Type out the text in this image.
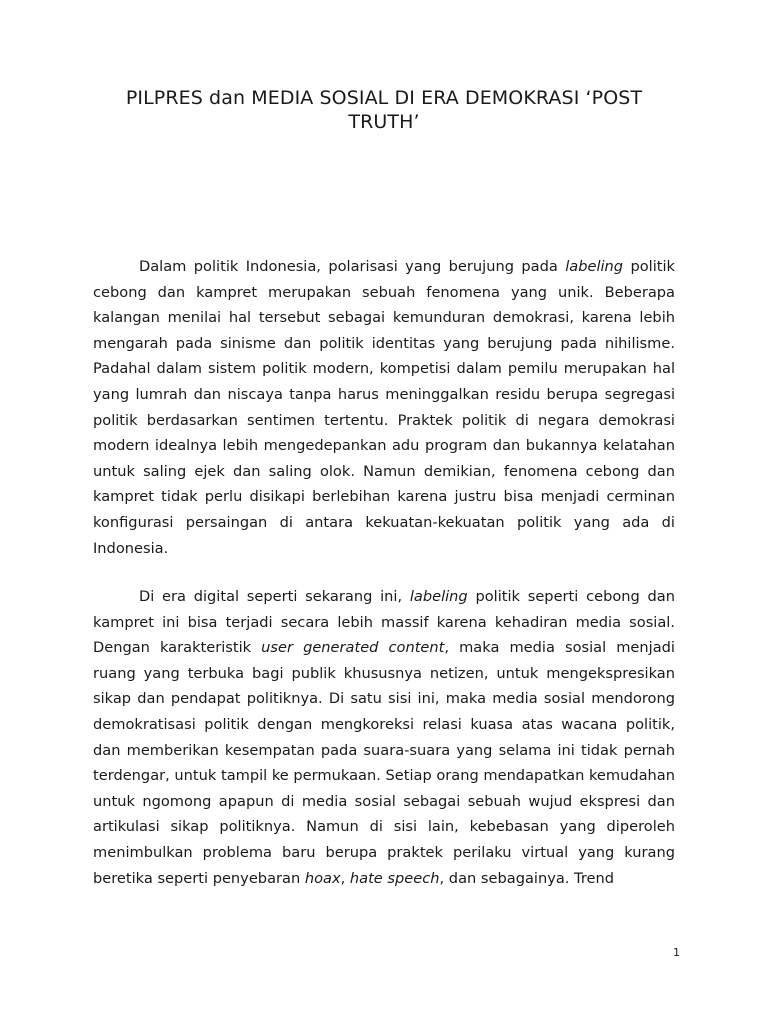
PILPRES dan MEDIA SOSIAL DI ERA DEMOKRASI ‘POST TRUTH’

Dalam politik Indonesia, polarisasi yang berujung pada labeling politik cebong dan kampret merupakan sebuah fenomena yang unik. Beberapa kalangan menilai hal tersebut sebagai kemunduran demokrasi, karena lebih mengarah pada sinisme dan politik identitas yang berujung pada nihilisme. Padahal dalam sistem politik modern, kompetisi dalam pemilu merupakan hal yang lumrah dan niscaya tanpa harus meninggalkan residu berupa segregasi politik berdasarkan sentimen tertentu. Praktek politik di negara demokrasi modern idealnya lebih mengedepankan adu program dan bukannya kelatahan untuk saling ejek dan saling olok. Namun demikian, fenomena cebong dan kampret tidak perlu disikapi berlebihan karena justru bisa menjadi cerminan konfigurasi persaingan di antara kekuatan-kekuatan politik yang ada di Indonesia.

Di era digital seperti sekarang ini, labeling politik seperti cebong dan kampret ini bisa terjadi secara lebih massif karena kehadiran media sosial. Dengan karakteristik user generated content, maka media sosial menjadi ruang yang terbuka bagi publik khususnya netizen, untuk mengekspresikan sikap dan pendapat politiknya. Di satu sisi ini, maka media sosial mendorong demokratisasi politik dengan mengkoreksi relasi kuasa atas wacana politik, dan memberikan kesempatan pada suara-suara yang selama ini tidak pernah terdengar, untuk tampil ke permukaan. Setiap orang mendapatkan kemudahan untuk ngomong apapun di media sosial sebagai sebuah wujud ekspresi dan artikulasi sikap politiknya. Namun di sisi lain, kebebasan yang diperoleh menimbulkan problema baru berupa praktek perilaku virtual yang kurang beretika seperti penyebaran hoax, hate speech, dan sebagainya. Trend

1
